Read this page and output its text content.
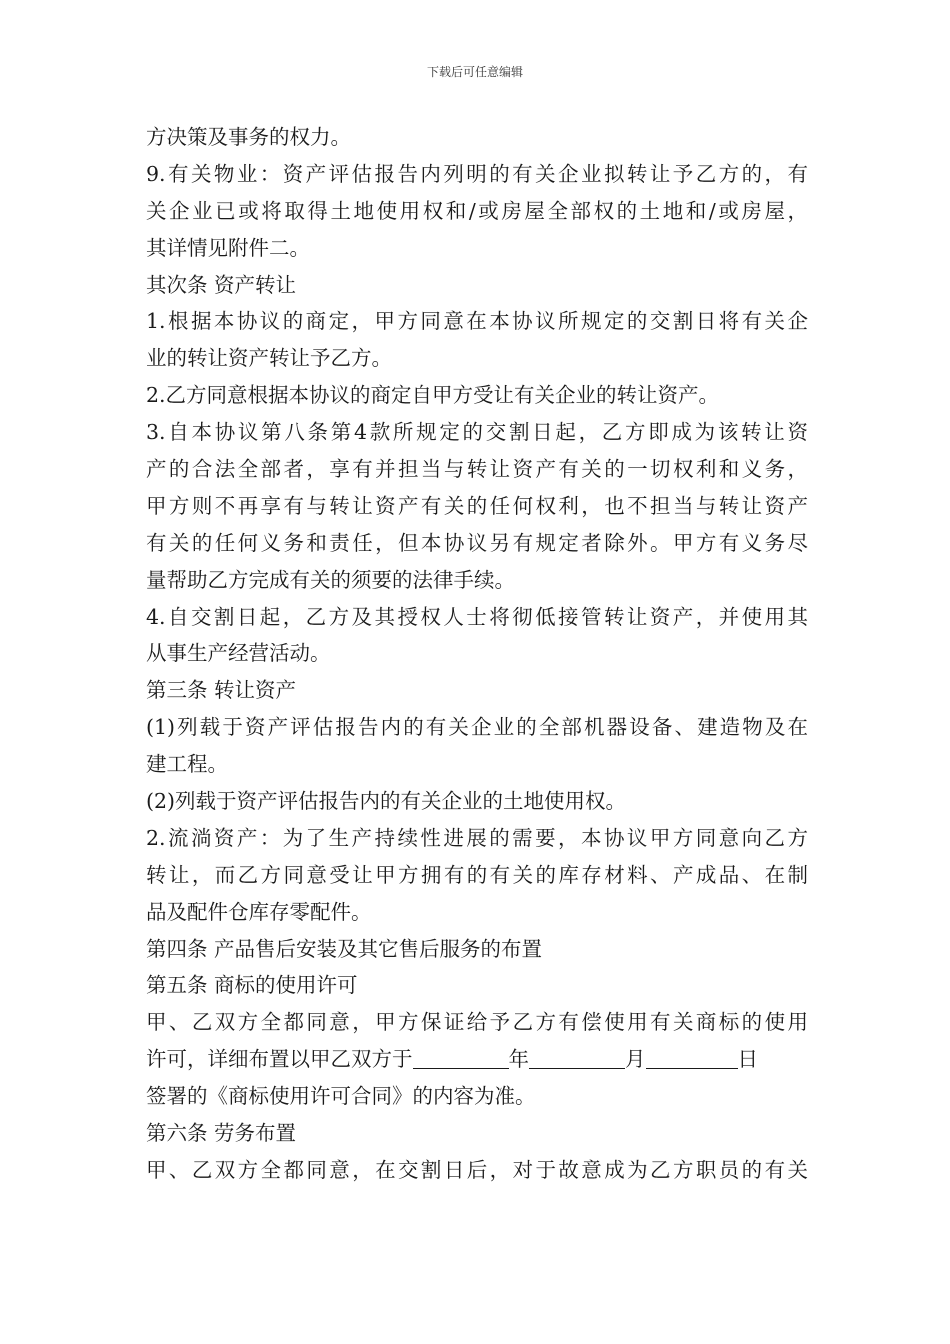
下载后可任意编辑
方决策及事务的权力。
9.有关物业：资产评估报告内列明的有关企业拟转让予乙方的，有
关企业已或将取得土地使用权和/或房屋全部权的土地和/或房屋，
其详情见附件二。
其次条 资产转让
1.根据本协议的商定，甲方同意在本协议所规定的交割日将有关企
业的转让资产转让予乙方。
2.乙方同意根据本协议的商定自甲方受让有关企业的转让资产。
3.自本协议第八条第4款所规定的交割日起，乙方即成为该转让资
产的合法全部者，享有并担当与转让资产有关的一切权利和义务，
甲方则不再享有与转让资产有关的任何权利，也不担当与转让资产
有关的任何义务和责任，但本协议另有规定者除外。甲方有义务尽
量帮助乙方完成有关的须要的法律手续。
4.自交割日起，乙方及其授权人士将彻低接管转让资产，并使用其
从事生产经营活动。
第三条 转让资产
(1)列载于资产评估报告内的有关企业的全部机器设备、建造物及在
建工程。
(2)列载于资产评估报告内的有关企业的土地使用权。
2.流淌资产：为了生产持续性进展的需要，本协议甲方同意向乙方
转让，而乙方同意受让甲方拥有的有关的库存材料、产成品、在制
品及配件仓库存零配件。
第四条 产品售后安装及其它售后服务的布置
第五条 商标的使用许可
甲、乙双方全都同意，甲方保证给予乙方有偿使用有关商标的使用
许可，详细布置以甲乙双方于	年	月	日
签署的《商标使用许可合同》的内容为准。
第六条 劳务布置
甲、乙双方全都同意，在交割日后，对于故意成为乙方职员的有关
